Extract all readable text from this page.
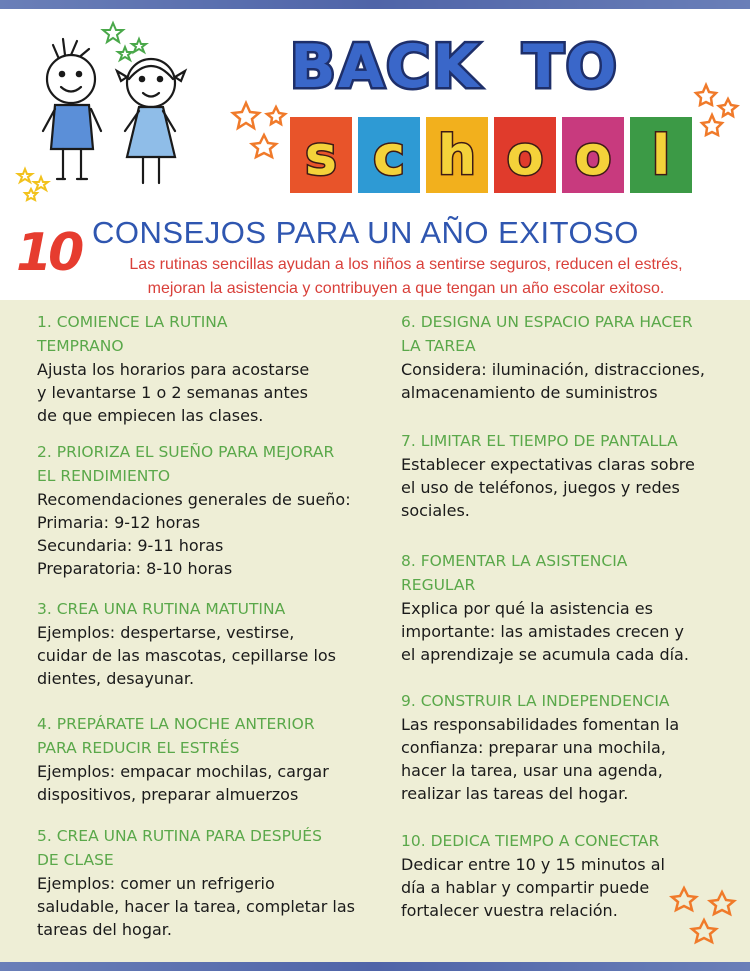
B A C K T O
s c h o o l
10 CONSEJOS PARA UN AÑO EXITOSO
Las rutinas sencillas ayudan a los niños a sentirse seguros, reducen el estrés,
mejoran la asistencia y contribuyen a que tengan un año escolar exitoso.

1. COMIENCE LA RUTINA
TEMPRANO

Ajusta los horarios para acostarse
y levantarse 1 o 2 semanas antes
de que empiecen las clases.

2. PRIORIZA EL SUEÑO PARA MEJORAR
EL RENDIMIENTO

Recomendaciones generales de sueño:
Primaria: 9-12 horas
Secundaria: 9-11 horas
Preparatoria: 8-10 horas

3. CREA UNA RUTINA MATUTINA

Ejemplos: despertarse, vestirse,
cuidar de las mascotas, cepillarse los
dientes, desayunar.

4. PREPÁRATE LA NOCHE ANTERIOR
PARA REDUCIR EL ESTRÉS

Ejemplos: empacar mochilas, cargar
dispositivos, preparar almuerzos

5. CREA UNA RUTINA PARA DESPUÉS
DE CLASE

Ejemplos: comer un refrigerio
saludable, hacer la tarea, completar las
tareas del hogar.

6. DESIGNA UN ESPACIO PARA HACER
LA TAREA

Considera: iluminación, distracciones,
almacenamiento de suministros

7. LIMITAR EL TIEMPO DE PANTALLA

Establecer expectativas claras sobre
el uso de teléfonos, juegos y redes
sociales.

8. FOMENTAR LA ASISTENCIA
REGULAR

Explica por qué la asistencia es
importante: las amistades crecen y
el aprendizaje se acumula cada día.

9. CONSTRUIR LA INDEPENDENCIA

Las responsabilidades fomentan la
confianza: preparar una mochila,
hacer la tarea, usar una agenda,
realizar las tareas del hogar.

10. DEDICA TIEMPO A CONECTAR

Dedicar entre 10 y 15 minutos al
día a hablar y compartir puede
fortalecer vuestra relación.
